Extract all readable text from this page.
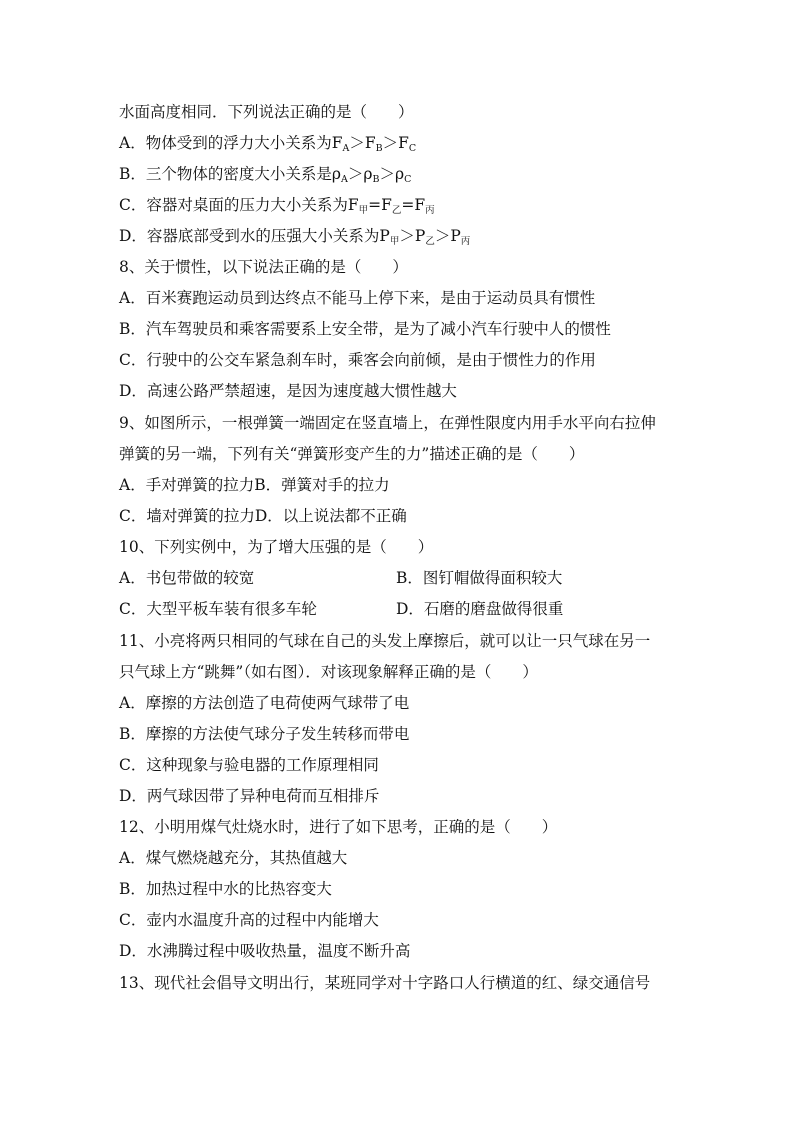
水面高度相同．下列说法正确的是（　　）
A．物体受到的浮力大小关系为$F_A>F_B>F_C$
B．三个物体的密度大小关系是$\rho_A>\rho_B>\rho_C$
C．容器对桌面的压力大小关系为$F_甲=F_乙=F_丙$
D．容器底部受到水的压强大小关系为$P_甲>P_乙>P_丙$
8、关于惯性，以下说法正确的是（　　）
A．百米赛跑运动员到达终点不能马上停下来，是由于运动员具有惯性
B．汽车驾驶员和乘客需要系上安全带，是为了减小汽车行驶中人的惯性
C．行驶中的公交车紧急刹车时，乘客会向前倾，是由于惯性力的作用
D．高速公路严禁超速，是因为速度越大惯性越大
9、如图所示，一根弹簧一端固定在竖直墙上，在弹性限度内用手水平向右拉伸
弹簧的另一端，下列有关“弹簧形变产生的力”描述正确的是（　　）
A．手对弹簧的拉力B．弹簧对手的拉力
C．墙对弹簧的拉力D．以上说法都不正确
10、下列实例中，为了增大压强的是（　　）
A．书包带做的较宽	B．图钉帽做得面积较大
C．大型平板车装有很多车轮	D．石磨的磨盘做得很重
11、小亮将两只相同的气球在自己的头发上摩擦后，就可以让一只气球在另一
只气球上方“跳舞”（如右图）．对该现象解释正确的是（　　）
A．摩擦的方法创造了电荷使两气球带了电
B．摩擦的方法使气球分子发生转移而带电
C．这种现象与验电器的工作原理相同
D．两气球因带了异种电荷而互相排斥
12、小明用煤气灶烧水时，进行了如下思考，正确的是（　　）
A．煤气燃烧越充分，其热值越大
B．加热过程中水的比热容变大
C．壶内水温度升高的过程中内能增大
D．水沸腾过程中吸收热量，温度不断升高
13、现代社会倡导文明出行，某班同学对十字路口人行横道的红、绿交通信号
